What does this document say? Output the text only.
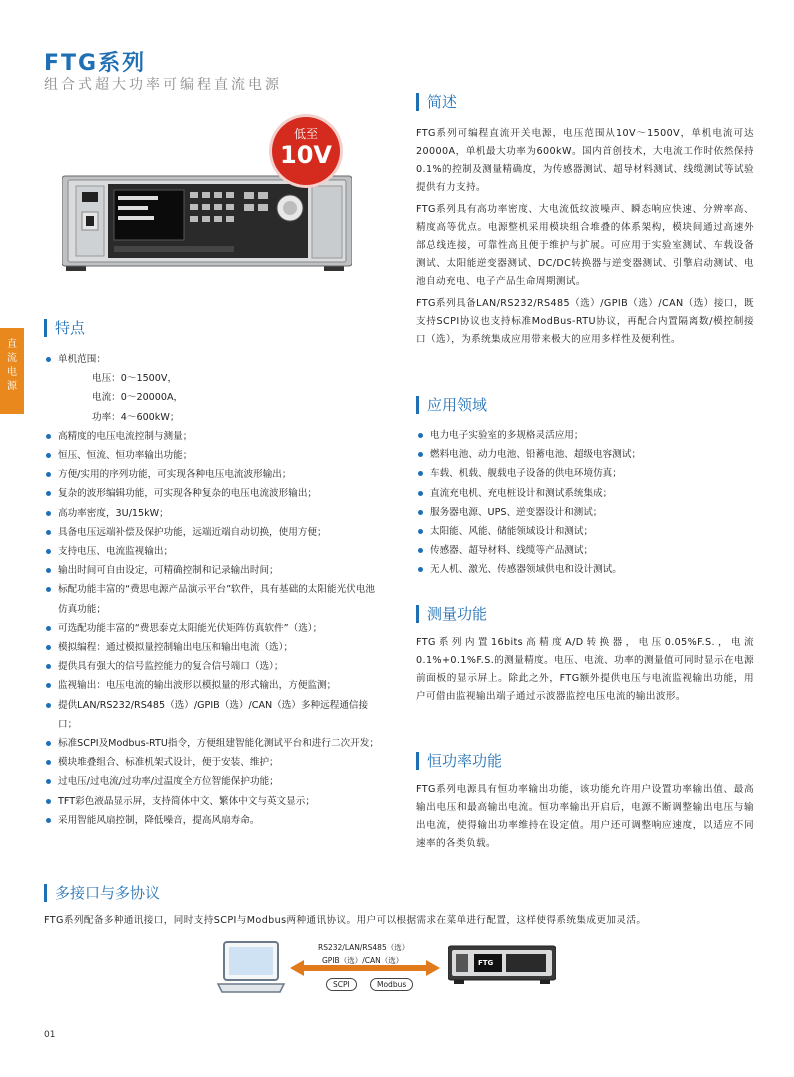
FTG系列
组合式超大功率可编程直流电源
直流电源
低至
10V
简述

FTG系列可编程直流开关电源，电压范围从10V～1500V，单机电流可达20000A，单机最大功率为600kW。国内首创技术，大电流工作时依然保持0.1%的控制及测量精确度，为传感器测试、超导材料测试、线缆测试等试验提供有力支持。

FTG系列具有高功率密度、大电流低纹波噪声、瞬态响应快速、分辨率高、精度高等优点。电源整机采用模块组合堆叠的体系架构，模块间通过高速外部总线连接，可靠性高且便于维护与扩展。可应用于实验室测试、车载设备测试、太阳能逆变器测试、DC/DC转换器与逆变器测试、引擎启动测试、电池自动充电、电子产品生命周期测试。

FTG系列具备LAN/RS232/RS485（选）/GPIB（选）/CAN（选）接口，既支持SCPI协议也支持标准ModBus-RTU协议，再配合内置隔离数/模控制接口（选），为系统集成应用带来极大的应用多样性及便利性。

特点
单机范围：
电压：0～1500V，
电流：0～20000A，
功率：4～600kW；
高精度的电压电流控制与测量；
恒压、恒流、恒功率输出功能；
方便/实用的序列功能，可实现各种电压电流波形输出；
复杂的波形编辑功能，可实现各种复杂的电压电流波形输出；
高功率密度，3U/15kW；
具备电压远端补偿及保护功能，远端近端自动切换，使用方便；
支持电压、电流监视输出；
输出时间可自由设定，可精确控制和记录输出时间；
标配功能丰富的“费思电源产品演示平台”软件，具有基础的太阳能光伏电池仿真功能；
可选配功能丰富的“费思泰克太阳能光伏矩阵仿真软件”（选）；
模拟编程：通过模拟量控制输出电压和输出电流（选）；
提供具有强大的信号监控能力的复合信号端口（选）；
监视输出：电压电流的输出波形以模拟量的形式输出，方便监测；
提供LAN/RS232/RS485（选）/GPIB（选）/CAN（选）多种远程通信接口；
标准SCPI及Modbus-RTU指令，方便组建智能化测试平台和进行二次开发；
模块堆叠组合、标准机架式设计，便于安装、维护；
过电压/过电流/过功率/过温度全方位智能保护功能；
TFT彩色液晶显示屏，支持简体中文、繁体中文与英文显示；
采用智能风扇控制，降低噪音，提高风扇寿命。
应用领域
电力电子实验室的多规格灵活应用；
燃料电池、动力电池、铅蓄电池、超级电容测试；
车载、机载、舰载电子设备的供电环境仿真；
直流充电机、充电桩设计和测试系统集成；
服务器电源、UPS、逆变器设计和测试；
太阳能、风能、储能领域设计和测试；
传感器、超导材料、线缆等产品测试；
无人机、激光、传感器领域供电和设计测试。
测量功能
FTG系列内置16bits高精度A/D转换器，电压0.05%F.S.，电流0.1%+0.1%F.S.的测量精度。电压、电流、功率的测量值可同时显示在电源前面板的显示屏上。除此之外，FTG额外提供电压与电流监视输出功能，用户可借由监视输出端子通过示波器监控电压电流的输出波形。
恒功率功能
FTG系列电源具有恒功率输出功能，该功能允许用户设置功率输出值、最高输出电压和最高输出电流。恒功率输出开启后，电源不断调整输出电压与输出电流，使得输出功率维持在设定值。用户还可调整响应速度，以适应不同速率的各类负载。
多接口与多协议
FTG系列配备多种通讯接口，同时支持SCPI与Modbus两种通讯协议。用户可以根据需求在菜单进行配置，这样使得系统集成更加灵活。
RS232/LAN/RS485（选）
GPIB（选）/CAN（选）
SCPI	Modbus
FTG
01
